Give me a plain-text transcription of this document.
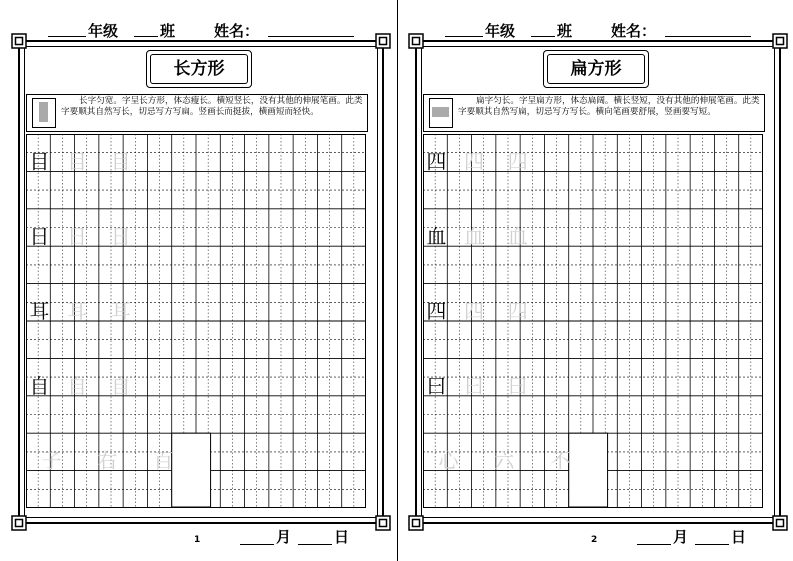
年级	班	姓名：
长方形
长字匀宽。字呈长方形，体态瘦长。横短竖长，没有其他的伸展笔画。此类字要顺其自然写长，切忌写方写扁。竖画长而挺拔，横画短而轻快。
目 目 目
日 日 日
耳 耳 耳
自 自 自
子 右 百
1	月	日
年级	班	姓名：
扁方形
扁字匀长。字呈扁方形，体态扁阔。横长竖短，没有其他的伸展笔画。此类字要顺其自然写扁，切忌写方写长。横向笔画要舒展，竖画要写短。
四 四 四
血 血 血
四 四 四
曰 曰 曰
心 六 不
2	月	日
